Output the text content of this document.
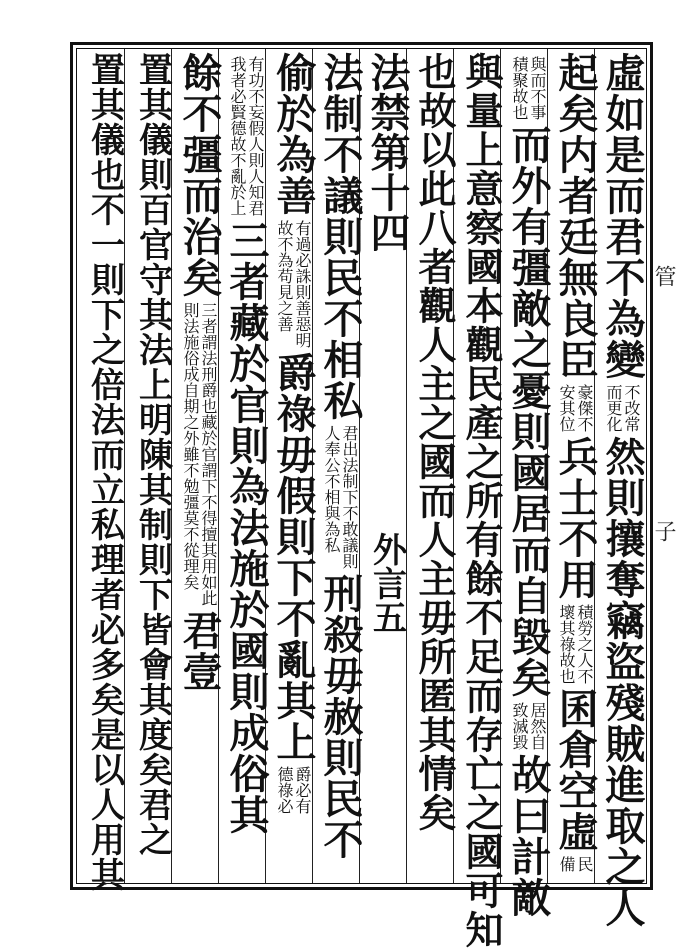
虛如是而君不為變
不改常
而更化
然則攘奪竊盜殘賊進取之人
起矣内者廷無良臣
豪傑不
安其位
兵士不用
積勞之人不
壞其祿故也
囷倉空虛
民
備
與而不事
積聚故也
而外有彊敵之憂則國居而自毀矣
居然自
致滅毀
故曰計敵
與量上意察國本觀民產之所有餘不足而存亡之國可知
也故以此八者觀人主之國而人主毋所匿其情矣
法禁第十四
外言五
法制不議則民不相私
君出法制下不敢議則
人奉公不相與為私
刑殺毋赦則民不
偷於為善
有過必誅則善惡明
故不為苟見之善
爵祿毋假則下不亂其上
爵必有
德祿必
有功不妄假人則人知君
我者必賢德故不亂於上
三者藏於官則為法施於國則成俗其
餘不彊而治矣
三者謂法刑爵也藏於官謂下不得擅其用如此
則法施俗成自期之外雖不勉彊莫不從理矣
君壹
置其儀則百官守其法上明陳其制則下皆會其度矣君之
置其儀也不一則下之倍法而立私理者必多矣是以人用其	管
子
